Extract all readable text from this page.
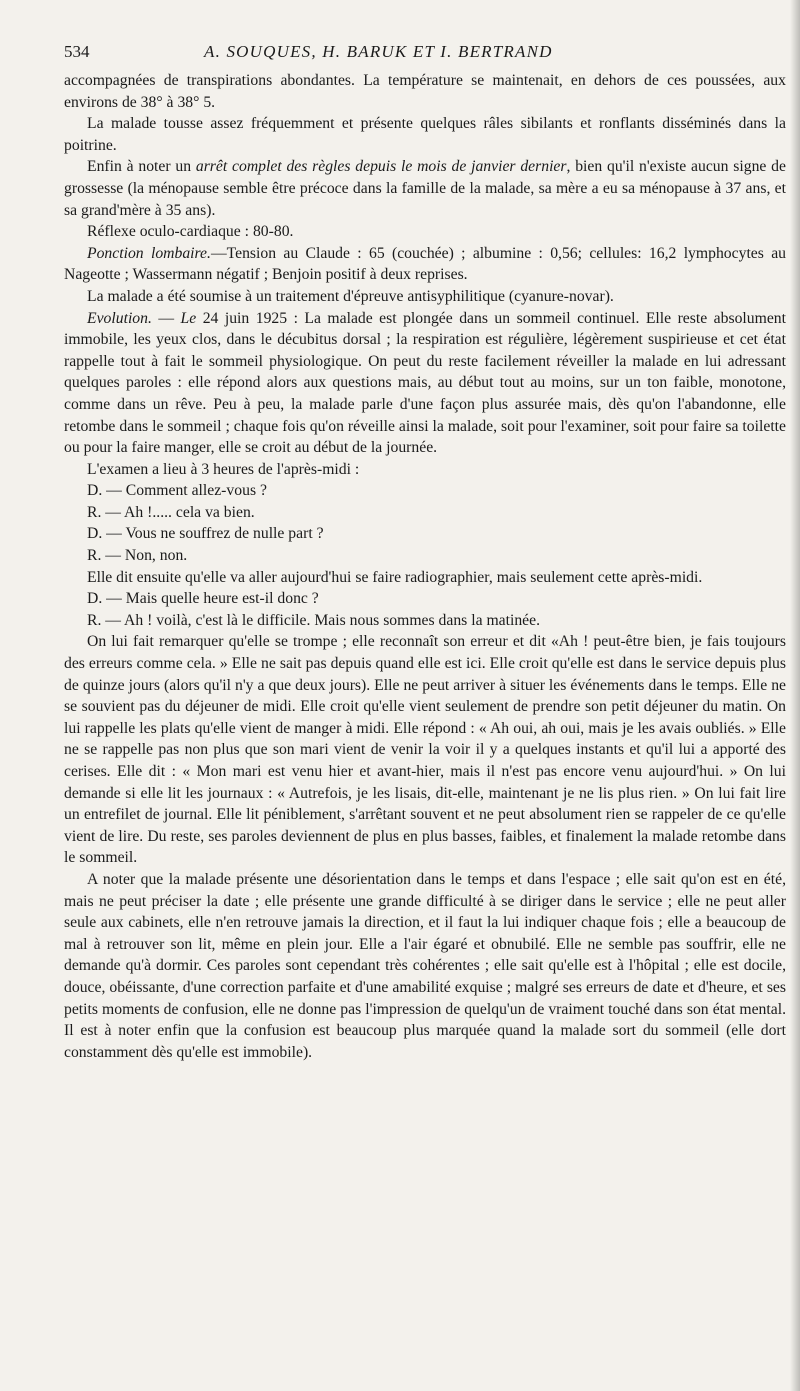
534	A. SOUQUES, H. BARUK ET I. BERTRAND

accompagnées de transpirations abondantes. La température se maintenait, en dehors de ces poussées, aux environs de 38° à 38° 5.

La malade tousse assez fréquemment et présente quelques râles sibilants et ronflants disséminés dans la poitrine.

Enfin à noter un arrêt complet des règles depuis le mois de janvier dernier, bien qu'il n'existe aucun signe de grossesse (la ménopause semble être précoce dans la famille de la malade, sa mère a eu sa ménopause à 37 ans, et sa grand'mère à 35 ans).

Réflexe oculo-cardiaque : 80-80.

Ponction lombaire.—Tension au Claude : 65 (couchée) ; albumine : 0,56; cellules: 16,2 lymphocytes au Nageotte ; Wassermann négatif ; Benjoin positif à deux reprises.

La malade a été soumise à un traitement d'épreuve antisyphilitique (cyanure-novar).

Evolution. — Le 24 juin 1925 : La malade est plongée dans un sommeil continuel. Elle reste absolument immobile, les yeux clos, dans le décubitus dorsal ; la respiration est régulière, légèrement suspirieuse et cet état rappelle tout à fait le sommeil physiologique. On peut du reste facilement réveiller la malade en lui adressant quelques paroles : elle répond alors aux questions mais, au début tout au moins, sur un ton faible, monotone, comme dans un rêve. Peu à peu, la malade parle d'une façon plus assurée mais, dès qu'on l'abandonne, elle retombe dans le sommeil ; chaque fois qu'on réveille ainsi la malade, soit pour l'examiner, soit pour faire sa toilette ou pour la faire manger, elle se croit au début de la journée.

L'examen a lieu à 3 heures de l'après-midi :

D. — Comment allez-vous ?

R. — Ah !..... cela va bien.

D. — Vous ne souffrez de nulle part ?

R. — Non, non.

Elle dit ensuite qu'elle va aller aujourd'hui se faire radiographier, mais seulement cette après-midi.

D. — Mais quelle heure est-il donc ?

R. — Ah ! voilà, c'est là le difficile. Mais nous sommes dans la matinée.

On lui fait remarquer qu'elle se trompe ; elle reconnaît son erreur et dit «Ah ! peut-être bien, je fais toujours des erreurs comme cela. » Elle ne sait pas depuis quand elle est ici. Elle croit qu'elle est dans le service depuis plus de quinze jours (alors qu'il n'y a que deux jours). Elle ne peut arriver à situer les événements dans le temps. Elle ne se souvient pas du déjeuner de midi. Elle croit qu'elle vient seulement de prendre son petit déjeuner du matin. On lui rappelle les plats qu'elle vient de manger à midi. Elle répond : « Ah oui, ah oui, mais je les avais oubliés. » Elle ne se rappelle pas non plus que son mari vient de venir la voir il y a quelques instants et qu'il lui a apporté des cerises. Elle dit : « Mon mari est venu hier et avant-hier, mais il n'est pas encore venu aujourd'hui. » On lui demande si elle lit les journaux : « Autrefois, je les lisais, dit-elle, maintenant je ne lis plus rien. » On lui fait lire un entrefilet de journal. Elle lit péniblement, s'arrêtant souvent et ne peut absolument rien se rappeler de ce qu'elle vient de lire. Du reste, ses paroles deviennent de plus en plus basses, faibles, et finalement la malade retombe dans le sommeil.

A noter que la malade présente une désorientation dans le temps et dans l'espace ; elle sait qu'on est en été, mais ne peut préciser la date ; elle présente une grande difficulté à se diriger dans le service ; elle ne peut aller seule aux cabinets, elle n'en retrouve jamais la direction, et il faut la lui indiquer chaque fois ; elle a beaucoup de mal à retrouver son lit, même en plein jour. Elle a l'air égaré et obnubilé. Elle ne semble pas souffrir, elle ne demande qu'à dormir. Ces paroles sont cependant très cohérentes ; elle sait qu'elle est à l'hôpital ; elle est docile, douce, obéissante, d'une correction parfaite et d'une amabilité exquise ; malgré ses erreurs de date et d'heure, et ses petits moments de confusion, elle ne donne pas l'impression de quelqu'un de vraiment touché dans son état mental. Il est à noter enfin que la confusion est beaucoup plus marquée quand la malade sort du sommeil (elle dort constamment dès qu'elle est immobile).
